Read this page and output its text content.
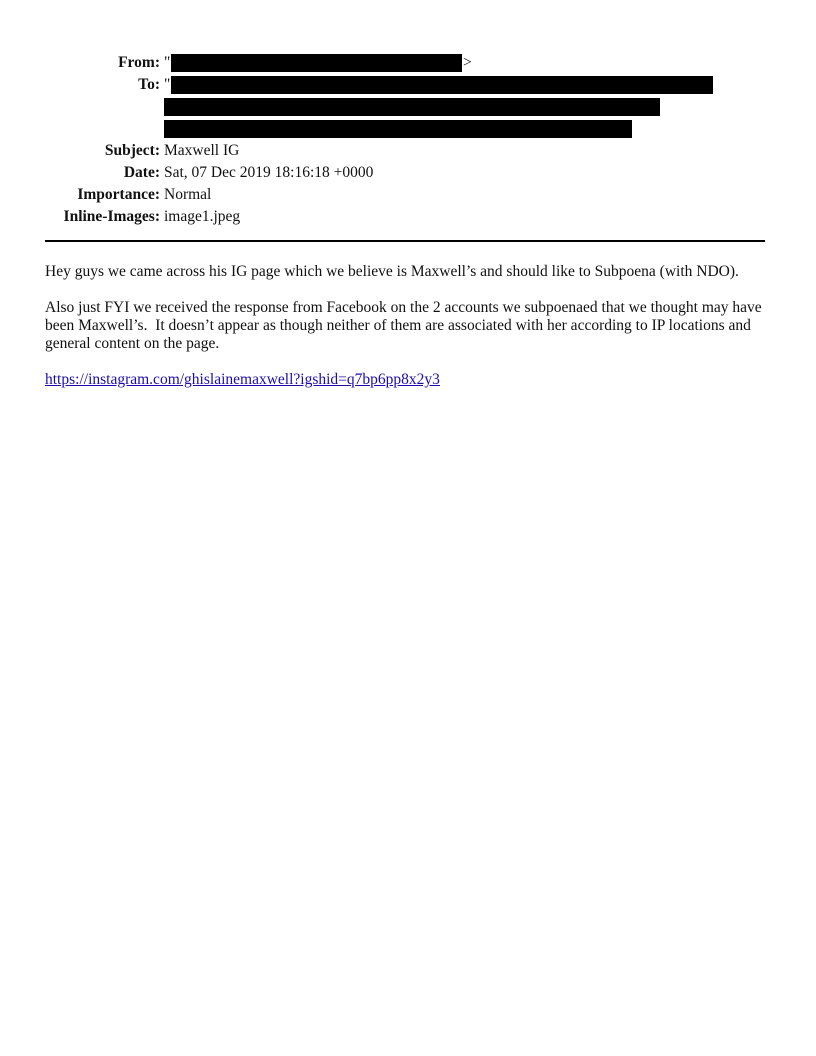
From: "	>
To: "
Subject: Maxwell IG
Date: Sat, 07 Dec 2019 18:16:18 +0000
Importance: Normal
Inline-Images: image1.jpeg
Hey guys we came across his IG page which we believe is Maxwell’s and should like to Subpoena (with NDO).
Also just FYI we received the response from Facebook on the 2 accounts we subpoenaed that we thought may have been Maxwell’s.  It doesn’t appear as though neither of them are associated with her according to IP locations and general content on the page.
https://instagram.com/ghislainemaxwell?igshid=q7bp6pp8x2y3
